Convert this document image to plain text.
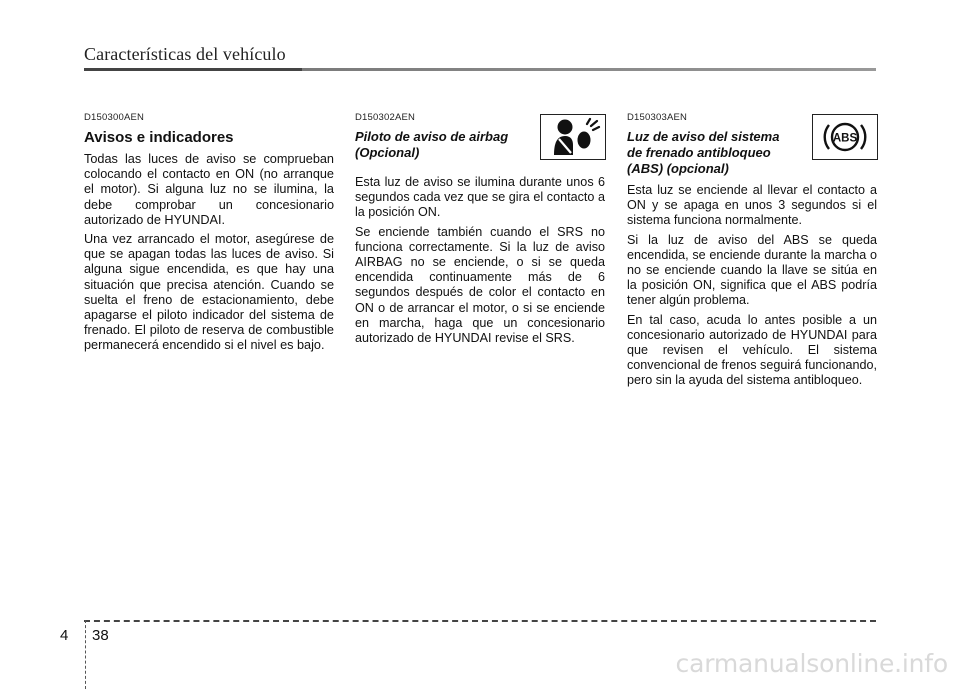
Características del vehículo

D150300AEN

Avisos e indicadores

Todas las luces de aviso se comprueban colocando el contacto en ON (no arranque el motor). Si alguna luz no se ilumina, la debe comprobar un concesionario autorizado de HYUNDAI.

Una vez arrancado el motor, asegúrese de que se apagan todas las luces de aviso. Si alguna sigue encendida, es que hay una situación que precisa atención. Cuando se suelta el freno de estacionamiento, debe apagarse el piloto indicador del sistema de frenado. El piloto de reserva de combustible permanecerá encendido si el nivel es bajo.

D150302AEN

Piloto de aviso de airbag (Opcional)

Esta luz de aviso se ilumina durante unos 6 segundos cada vez que se gira el contacto a la posición ON.

Se enciende también cuando el SRS no funciona correctamente. Si la luz de aviso AIRBAG no se enciende, o si se queda encendida continuamente más de 6 segundos después de color el contacto en ON o de arrancar el motor, o si se enciende en marcha, haga que un concesionario autorizado de HYUNDAI revise el SRS.

D150303AEN

Luz de aviso del sistema de frenado antibloqueo (ABS) (opcional)

Esta luz se enciende al llevar el contacto a ON y se apaga en unos 3 segundos si el sistema funciona normalmente.

Si la luz de aviso del ABS se queda encendida, se enciende durante la marcha o no se enciende cuando la llave se sitúa en la posición ON, significa que el ABS podría tener algún problema.

En tal caso, acuda lo antes posible a un concesionario autorizado de HYUNDAI para que revisen el vehículo. El sistema convencional de frenos seguirá funcionando, pero sin la ayuda del sistema antibloqueo.

ABS
4 38
carmanualsonline.info
